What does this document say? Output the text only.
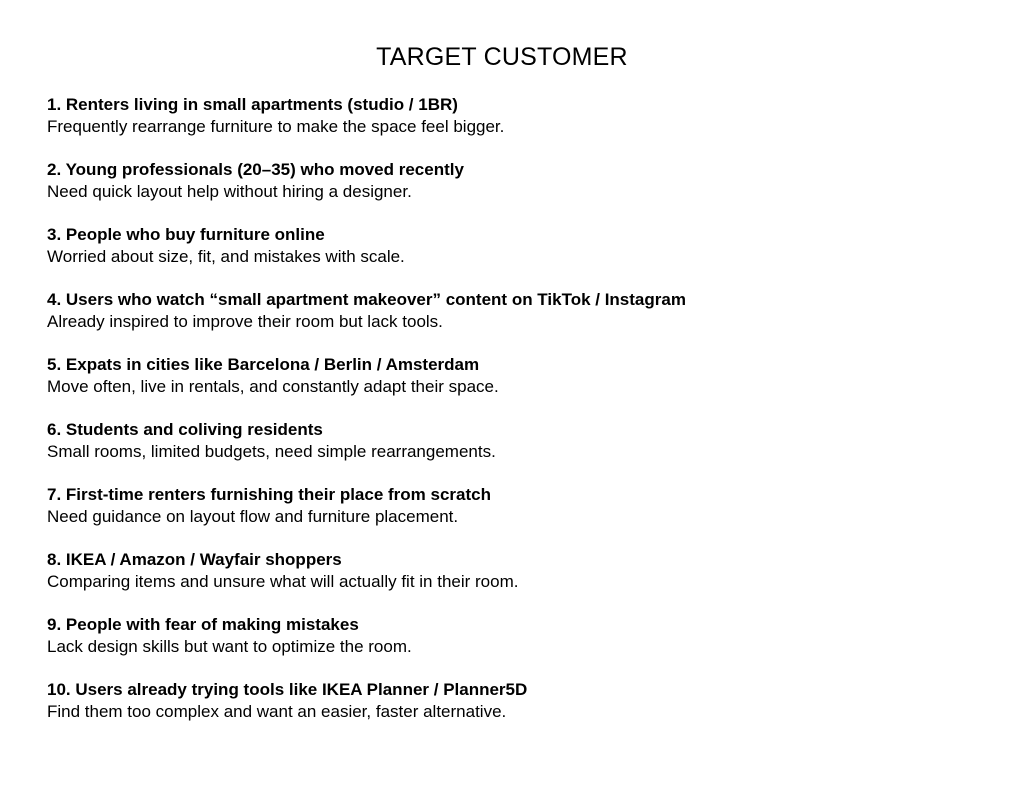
TARGET CUSTOMER
1. Renters living in small apartments (studio / 1BR)
Frequently rearrange furniture to make the space feel bigger.
2. Young professionals (20–35) who moved recently
Need quick layout help without hiring a designer.
3. People who buy furniture online
Worried about size, fit, and mistakes with scale.
4. Users who watch “small apartment makeover” content on TikTok / Instagram
Already inspired to improve their room but lack tools.
5. Expats in cities like Barcelona / Berlin / Amsterdam
Move often, live in rentals, and constantly adapt their space.
6. Students and coliving residents
Small rooms, limited budgets, need simple rearrangements.
7. First-time renters furnishing their place from scratch
Need guidance on layout flow and furniture placement.
8. IKEA / Amazon / Wayfair shoppers
Comparing items and unsure what will actually fit in their room.
9. People with fear of making mistakes
Lack design skills but want to optimize the room.
10. Users already trying tools like IKEA Planner / Planner5D
Find them too complex and want an easier, faster alternative.
